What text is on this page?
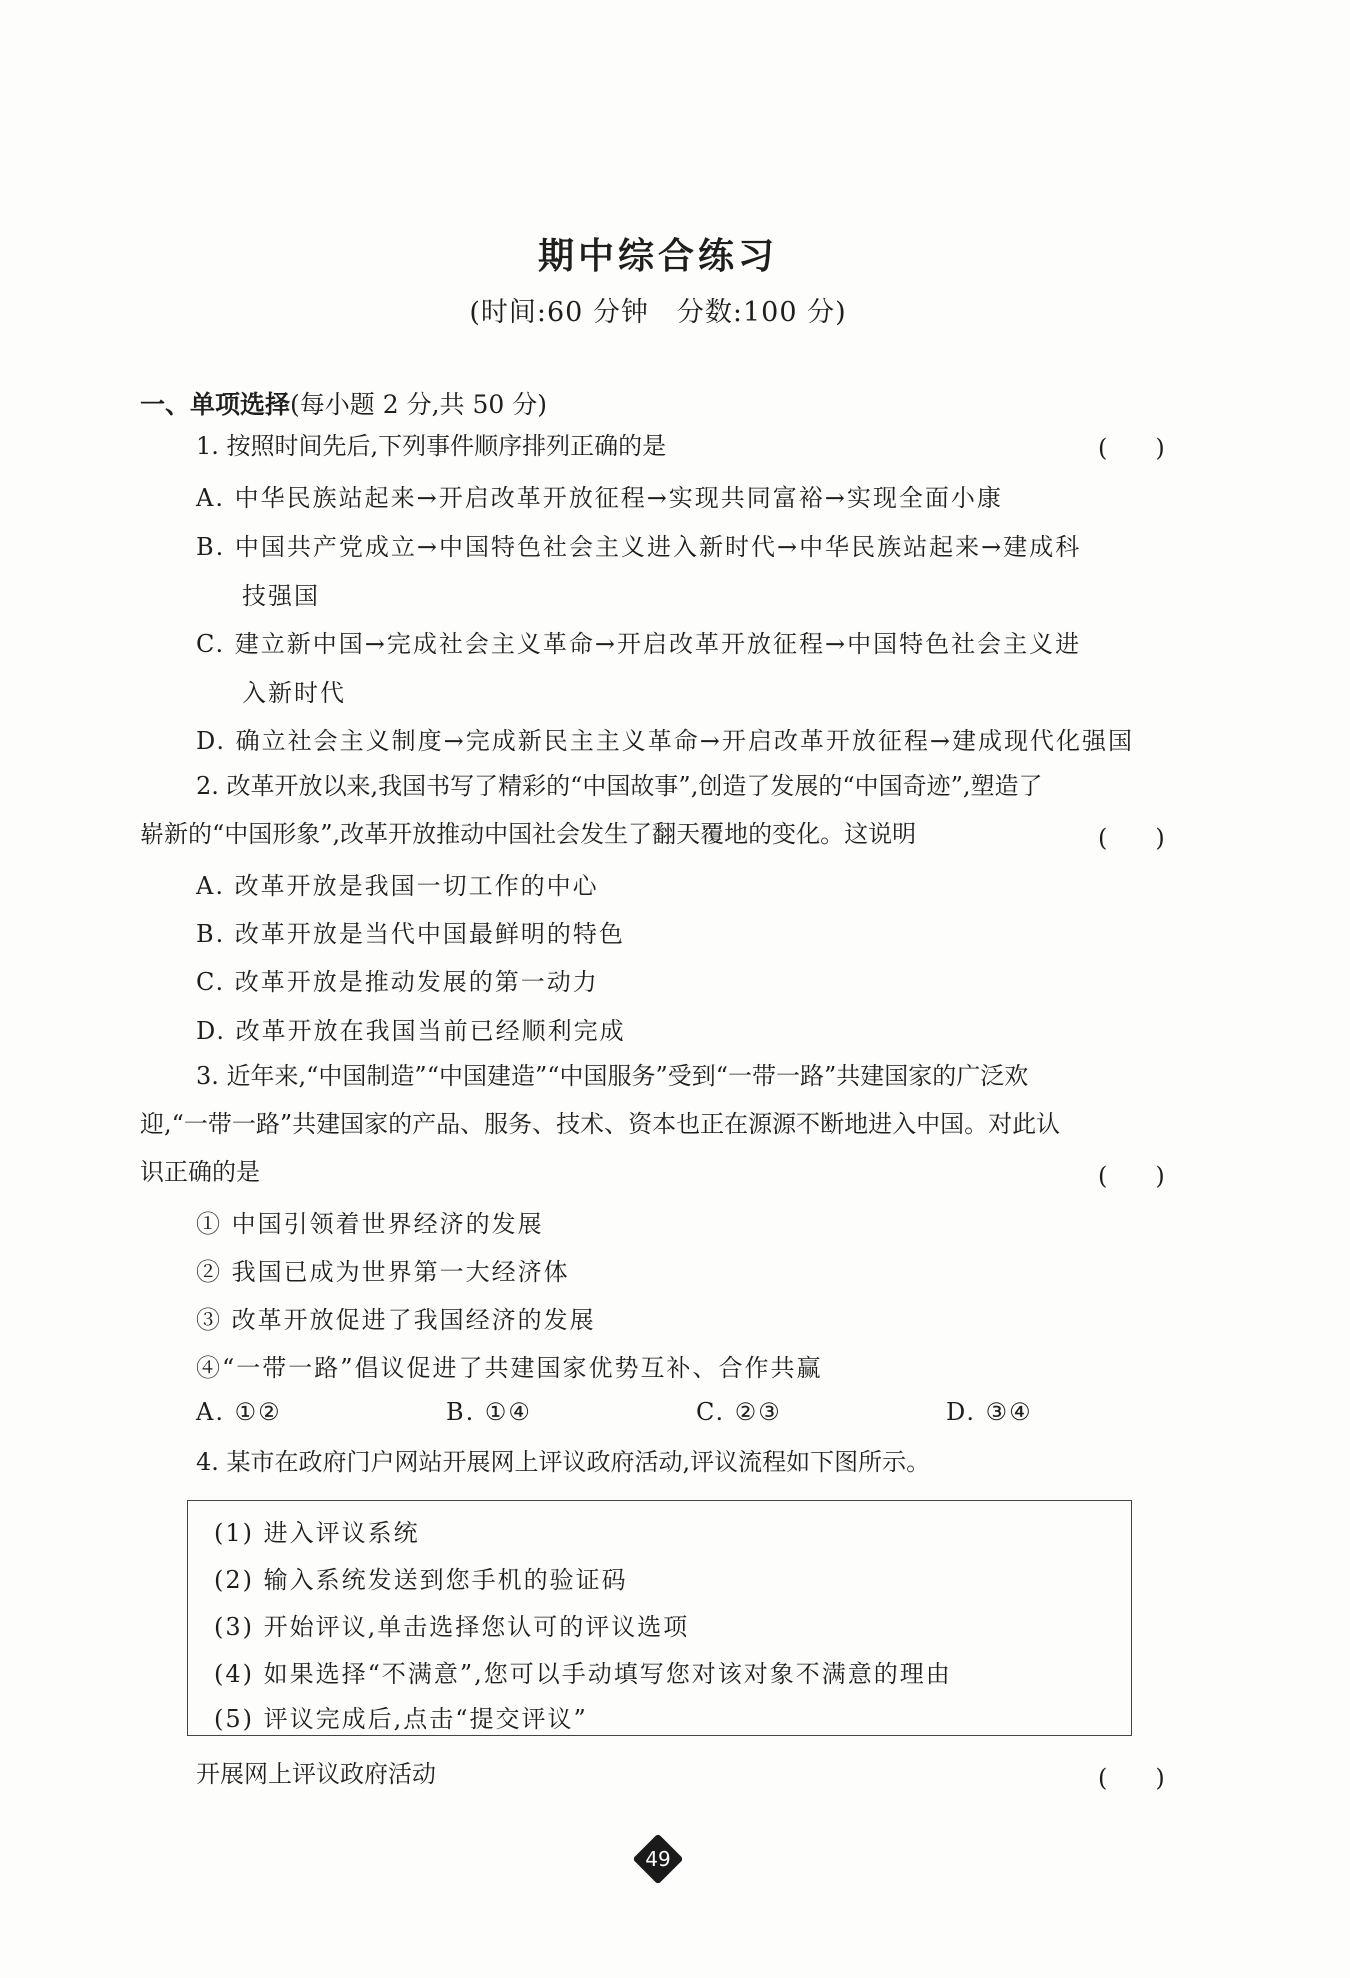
期中综合练习
(时间:60 分钟　分数:100 分)
一、单项选择(每小题 2 分,共 50 分)
1. 按照时间先后,下列事件顺序排列正确的是	(　　)
A. 中华民族站起来→开启改革开放征程→实现共同富裕→实现全面小康
B. 中国共产党成立→中国特色社会主义进入新时代→中华民族站起来→建成科
技强国
C. 建立新中国→完成社会主义革命→开启改革开放征程→中国特色社会主义进
入新时代
D. 确立社会主义制度→完成新民主主义革命→开启改革开放征程→建成现代化强国
2. 改革开放以来,我国书写了精彩的“中国故事”,创造了发展的“中国奇迹”,塑造了
崭新的“中国形象”,改革开放推动中国社会发生了翻天覆地的变化。这说明	(　　)
A. 改革开放是我国一切工作的中心
B. 改革开放是当代中国最鲜明的特色
C. 改革开放是推动发展的第一动力
D. 改革开放在我国当前已经顺利完成
3. 近年来,“中国制造”“中国建造”“中国服务”受到“一带一路”共建国家的广泛欢
迎,“一带一路”共建国家的产品、服务、技术、资本也正在源源不断地进入中国。对此认
识正确的是	(　　)
① 中国引领着世界经济的发展
② 我国已成为世界第一大经济体
③ 改革开放促进了我国经济的发展
④“一带一路”倡议促进了共建国家优势互补、合作共赢
A. ①②	B. ①④	C. ②③	D. ③④
4. 某市在政府门户网站开展网上评议政府活动,评议流程如下图所示。
(1) 进入评议系统
(2) 输入系统发送到您手机的验证码
(3) 开始评议,单击选择您认可的评议选项
(4) 如果选择“不满意”,您可以手动填写您对该对象不满意的理由
(5) 评议完成后,点击“提交评议”
开展网上评议政府活动	(　　)
49
